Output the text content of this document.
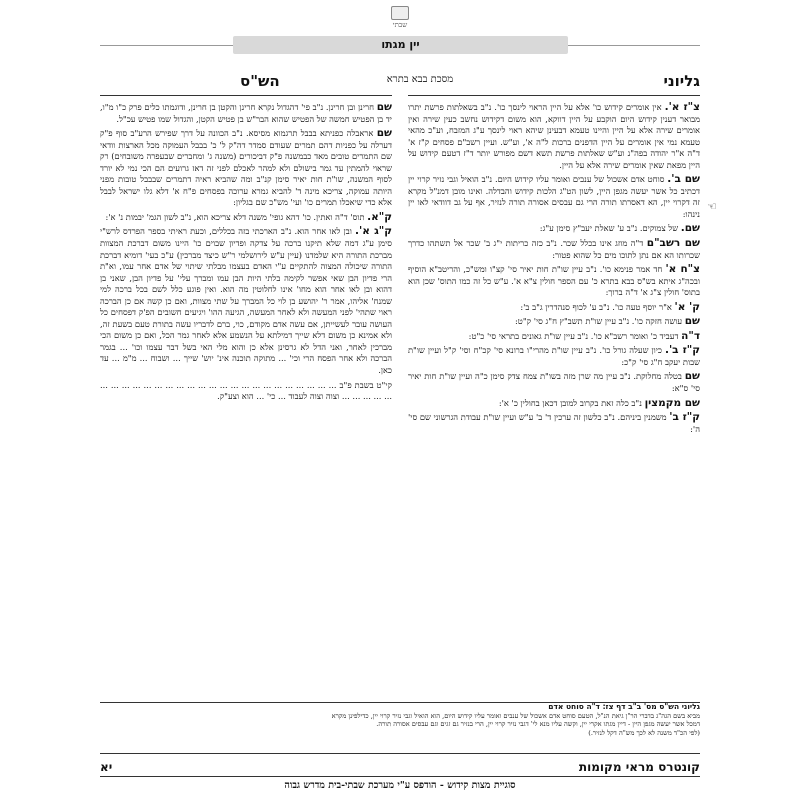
שבתי
יין מגתו
גליוני
מסכת בבא בתרא
הש"ס
☜

צ"ז א'. אין אומרים קידוש כו' אלא על היין הראוי לינסך כו'. נ"ב בשאלתות פרשת יתרו מבואר דענין קידוש היום הוקבע על היין דווקא, הוא משום דקידוש נחשב כעין שירה ואין אומרים שירה אלא על היין והיינו טעמא דבעינן שיהא ראוי לינסך ע"ג המזבח, וע"כ מהאי טעמא נמי אין אומרים על היין הדפנים ברכות ל"ה א', וע"ש. ועיין רשב"ם פסחים ק"ז א' ד"ה א"ר יהודה בפה"נ וע"ש שאלתות פרשת תשא דשם מפורש יותר ד"ז דטעם קידוש על היין מפאת שאין אומרים שירה אלא על היין.

שם ב'. סוחט אדם אשכול של ענבים ואומר עליו קידוש היום. נ"ב הואיל וגבי נזיר קרוי יין דכתיב כל אשר יעשה מגפן היין, לשון הט"ג הלכות קידוש והבדלה. ואינו מובן דמנ"ל מקרא זה דקרוי יין, הא דאסרתו תורה הרי גם עבסים אסורה תורה לנזיר, אף על גב דוודאי לאו יין נינהו:

שם. של צמוקים. נ"ב ע' שאלת יעב"ץ סימן ע"ג:

שם רשב"ם ד"ה מוזג אינו בכלל שכר. נ"ב כזה כריתות י"ג ב' שכר אל תשתהו כדרך שכרותו הא אם נתן לתוכו מים כל שהוא פטור:

צ"ח א' חד אמר פנימא כו'. נ"ב עיין שו"ת חות יאיר סי' קצ"ו ומש"כ, והריטב"א הוסיף ובכה"ג איתא בש"ס בבא בתרא כ' עם הספר חולין צ"א א'. ע"ש כל זה כמו התוס' שכן הוא בתוס' חולין צ"ג א' ד"ה ברוך:

ק' א' א"ר יוסף טעה כו'. נ"ב ע' לכוף סנהדרין ג"ב ב':

שם עושה חזקה כו'. נ"ב עיין שו"ת תשב"ץ ח"ג סי' ק"ט:

ד"ה דעביד כ' ואומר רשב"א כו'. נ"ב עיין שו"ת גאונים בתראי סי' כ"ט:

ק"ז ב'. כיון שעלה גורל כו'. נ"ב עיין שו"ת מהרי"ו ברונא סי' קכ"ח וסי' ק"ל ועיין שו"ת שבות יעקב ח"ג סי' ק"כ:

שם בטלה מחלוקת. נ"ב עיין מה שרן מזה בשו"ת צמח צדק סימן כ"ה ועיין שו"ת חות יאיר סי' ס"א:

שם מקמצין נ"ב כלה זאת בקרוב למובן דכאן בחולין כ' א':

ק"ז ב' משמנין ביניהם. נ"ב כלשון זה ערכין ד' ב' ע"ש ועיין שו"ת עבודת הגרשוני שם סי' ה':

שם חרינן ובן חרינן. נ"ב פי' דהגדול נקרא חרינן והקטן בן חרינן, ודוגמתו כלים פרק כ"ו מ"ו, יד בן הפטיש חמשה של הפטיש שהוא הבר"ש בן פטיש הקטן, והגדול שמו פטיש עכ"ל.

שם אראבלה כפניתא בבבל תרגמוא מסיסא. נ"ב הכוונה על דרך שפירש הרע"ב סוף פ"ק דערלה על כפניות דהם תמרים שעודם סמדר דה"ק ל' כ' בבבל העמוקה מכל הארצות וודאי שם התמרים טובים מאד כבמשנה פ"ק דביכורים (משנה ג' ומחברים שבעפרה משובחים) רק שראוי להמתין עד גמר בישולם ולא למהר לאכלם לפני זה דאז גרועים הם הכי נמי לא יורד לסוף המשנה, שו"ת חות יאיר סימן קנ"ב ומה שהביא ראיה דתמרים שבבבל טובות מפני היותה עמוקה, צריכא מינה ד' להביא גמרא ערוכה בפסחים פ"ח א' דלא גלו ישראל לבבל אלא כדי שיאכלו תמרים כו' ועי' מש"כ שם בגליון:

ק"א. תוס' ד"ה ואתין. כו' דהא גופי' משנה דלא צריכא הוא, נ"ב לשון הגמ' יבמות נ' א':

ק"ג א'. ובן לאו אחר הוא. נ"ב הארכתי בזה בכללים, וכעת ראיתי בספר הפרדס לרש"י סימן ע"ג דמה שלא תיקנו ברכה על צדקה ופדיון שבוים כו' היינו משום דברכת המצוות מברכת התורה היא שלמדנו (עיין ע"ש לירושלמי ר"ש כיצד מברכין) ע"כ בעי' דומיא דברכת התורה שיכולה המצוה להתקיים ע"י האדם בעצמו מבלתי שיתוי של אדם אחר עמו, וא"ת הרי פדיון הבן שאי אפשר לקימה בלתי היות הבן עמו ומברך עלי' על פדיון הבן, שאני בן דהוא ובן לאו אחר הוא מחו' אינו לחלוטין מה הוא. ואין פוגע כלל לשם בכל ברכה למי שמנח' אליהו, אמר ר' יהושע בן לוי כל המברך על שתי מצוות, ואם כן קשה אם כן הברכה ראוי שתהי' לפני המעשה ולא לאחר המעשה, הגיעה ההו' ויגיעים חשובים הפ'ק דפסחים כל העושה עובר לעשייתן, אם עשה אדם מקודם, כוי, ברם לדבריו עשה בתורת טעם בשעת זה, ולא אמינא כן משום דלא שייך דמילתא על הנשמע אלא לאחר גמר הכל, ואם כן משום הכי מברכין לאחר, ואני הדל לא גרסינן אלא כן והוא מלי האי בשל דבר עצמו וכו' ... בגמר הברכה ולא אחר הפסח הרי וכי' ... מתוקה תוכנה אינ' יוש' שייך ... ושבוח ... מ"מ ... עד כאן.

קי"ט בשבת פ"ב ... ... ... ... ... ... ... ... ... ... ... ... ... ... ... ... ... ... ... ... ... ... ... ... ... ... ... וצוה וצוה לעבוד ... כי' ... הוא וצע"ק.

גליוני הש"ס מס' ב"ב דף צז: ד"ה סוחט אדם

מביא בשם הגה"ג בדברי הר"ן גיאת הנ"ל, הטעם סוחט אדם אשכול של ענבים ואומר עליו קידוש היום, הוא הואיל וגבי נזיר קרוי יין, כדילפינן מקרא

דמכל אשר יעשה מגפן היין - דיין מגתו אקרי יין, וקשה עליו מנא לי' דגבי נזיר קרוי יין, הרי בנזיר גם זגים וגם עבסים אסורה תורה.

(לפי הכ"ד משנה לא לכך מש"ה דקל לנזיר.)

קונטרס מראי מקומות
יא
סוגיית מצות קידוש - הודפס ע"י מערכת שבתי-בית מדרש גבוה
